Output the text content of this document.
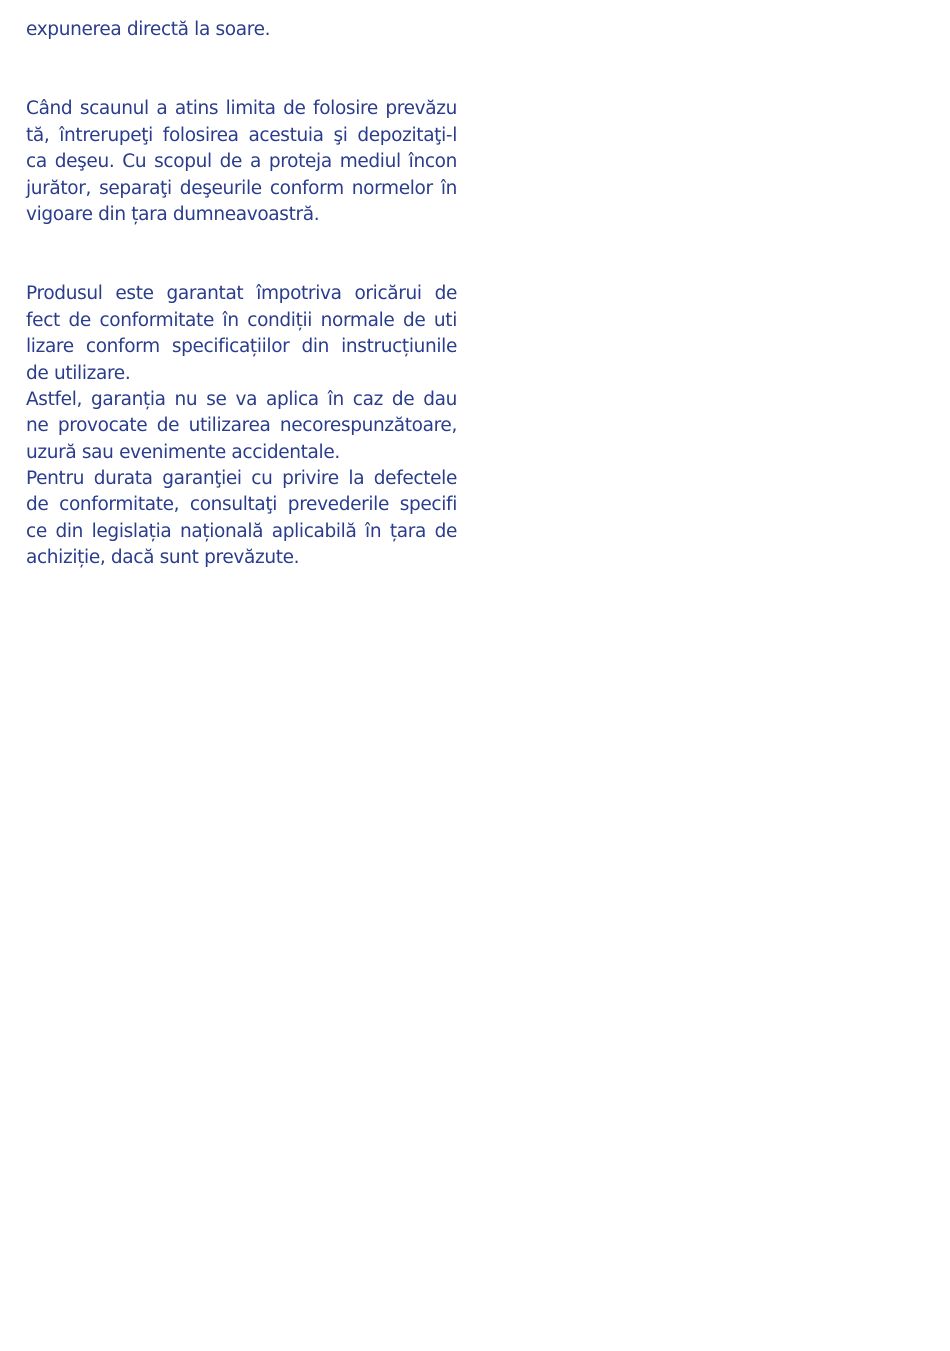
expunerea directă la soare.
Când scaunul a atins limita de folosire prevăzu
tă, întrerupeţi folosirea acestuia şi depozitaţi-l
ca deşeu. Cu scopul de a proteja mediul încon
jurător, separaţi deşeurile conform normelor în
vigoare din țara dumneavoastră.
Produsul este garantat împotriva oricărui de
fect de conformitate în condiții normale de uti
lizare conform specificațiilor din instrucțiunile
de utilizare.
Astfel, garanția nu se va aplica în caz de dau
ne provocate de utilizarea necorespunzătoare,
uzură sau evenimente accidentale.
Pentru durata garanţiei cu privire la defectele
de conformitate, consultaţi prevederile specifi
ce din legislația națională aplicabilă în țara de
achiziție, dacă sunt prevăzute.
